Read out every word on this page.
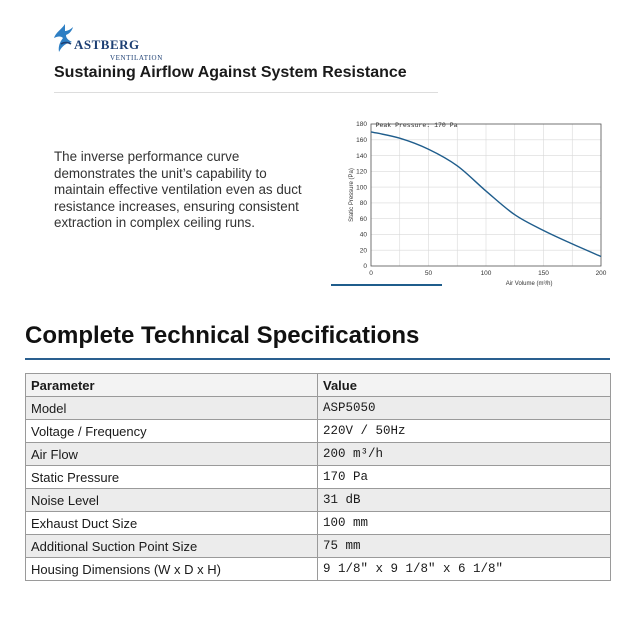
ASTBERG
VENTILATION
Sustaining Airflow Against System Resistance
The inverse performance curve demonstrates the unit’s capability to maintain effective ventilation even as duct resistance increases, ensuring consistent extraction in complex ceiling runs.
0	50	100	150	200
0
20
40
60
80
100
120
140
160
180
Air Volume (m³/h)
Static Pressure (Pa)
Peak Pressure: 170 Pa
Complete Technical Specifications
Parameter	Value
Model	ASP5050
Voltage / Frequency	220V / 50Hz
Air Flow	200 m³/h
Static Pressure	170 Pa
Noise Level	31 dB
Exhaust Duct Size	100 mm
Additional Suction Point Size	75 mm
Housing Dimensions (W x D x H)	9 1/8" x 9 1/8" x 6 1/8"
